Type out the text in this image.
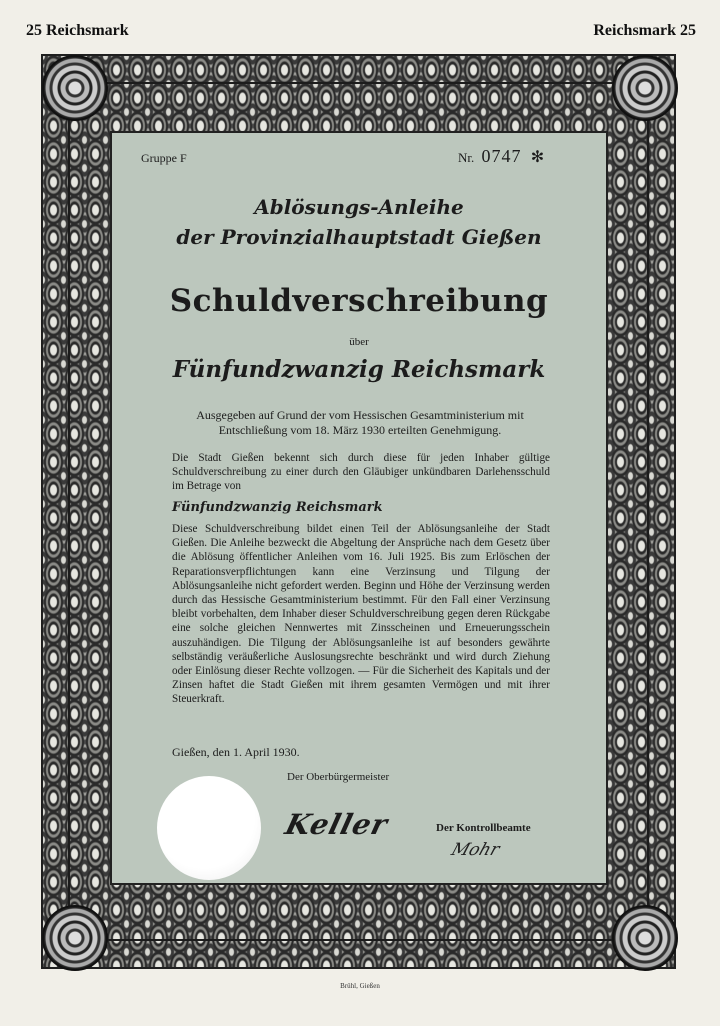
25 Reichsmark	Reichsmark 25
Gruppe F	Nr. 0747 ✻
Ablösungs-Anleihe
der Provinzialhauptstadt Gießen
Schuldverschreibung
über
Fünfundzwanzig Reichsmark
Ausgegeben auf Grund der vom Hessischen Gesamtministerium mit Entschließung vom 18. März 1930 erteilten Genehmigung.
Die Stadt Gießen bekennt sich durch diese für jeden Inhaber gültige Schuldverschreibung zu einer durch den Gläubiger unkündbaren Darlehensschuld im Betrage von
Fünfundzwanzig Reichsmark
Diese Schuldverschreibung bildet einen Teil der Ablösungsanleihe der Stadt Gießen. Die Anleihe bezweckt die Abgeltung der Ansprüche nach dem Gesetz über die Ablösung öffentlicher Anleihen vom 16. Juli 1925. Bis zum Erlöschen der Reparationsverpflichtungen kann eine Verzinsung und Tilgung der Ablösungsanleihe nicht gefordert werden. Beginn und Höhe der Verzinsung werden durch das Hessische Gesamtministerium bestimmt. Für den Fall einer Verzinsung bleibt vorbehalten, dem Inhaber dieser Schuldverschreibung gegen deren Rückgabe eine solche gleichen Nennwertes mit Zinsscheinen und Erneuerungsschein auszuhändigen. Die Tilgung der Ablösungsanleihe ist auf besonders gewährte selbständig veräußerliche Auslosungsrechte beschränkt und wird durch Ziehung oder Einlösung dieser Rechte vollzogen. — Für die Sicherheit des Kapitals und der Zinsen haftet die Stadt Gießen mit ihrem gesamten Vermögen und mit ihrer Steuerkraft.
Gießen, den 1. April 1930.
Der Oberbürgermeister
Keller	Der Kontrollbeamte
Mohr
Brühl, Gießen
